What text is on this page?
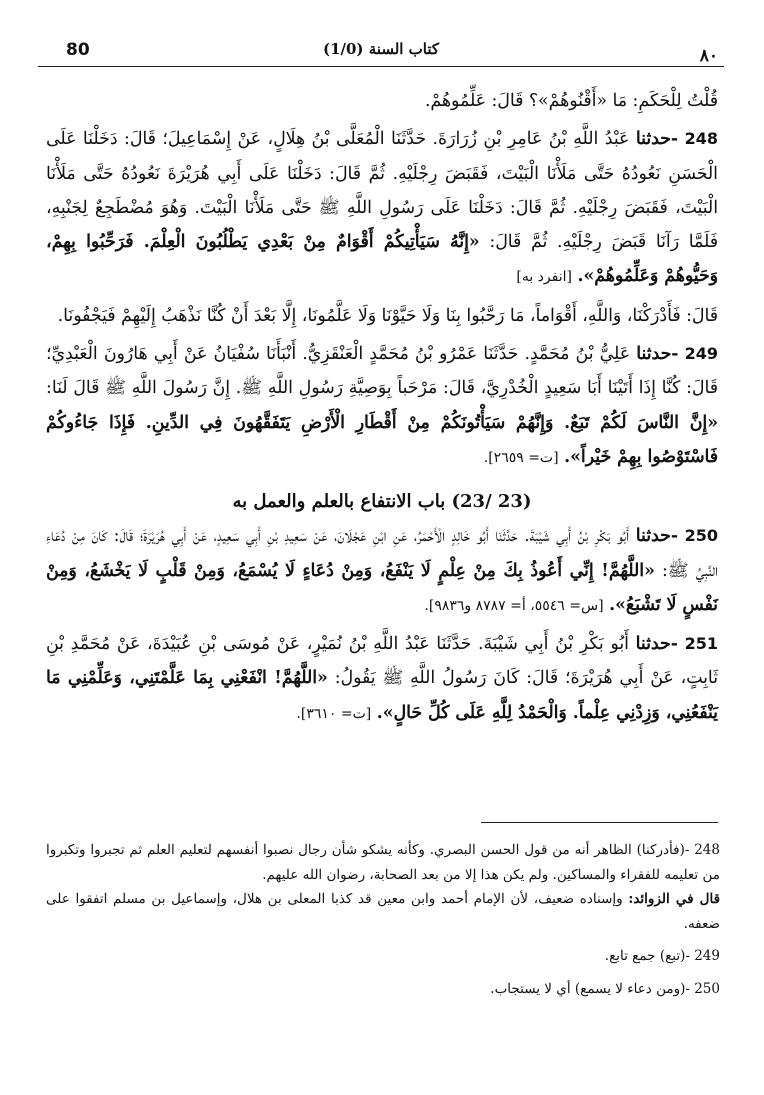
80	(1/0) كتاب السنة	٨٠

قُلْتُ لِلْحَكَمِ: مَا «أَقْنُوهُمْ»؟ قَالَ: عَلِّمُوهُمْ.

248 -حدثنا عَبْدُ اللَّهِ بْنُ عَامِرِ بْنِ زُرَارَةَ. حَدَّثَنَا الْمُعَلَّى بْنُ هِلَالٍ، عَنْ إِسْمَاعِيلَ؛ قَالَ: دَخَلْنَا عَلَى الْحَسَنِ نَعُودُهُ حَتَّى مَلَأْنَا الْبَيْتَ، فَقَبَضَ رِجْلَيْهِ. ثُمَّ قَالَ: دَخَلْنَا عَلَى أَبِي هُرَيْرَةَ نَعُودُهُ حَتَّى مَلَأْنَا الْبَيْتَ، فَقَبَضَ رِجْلَيْهِ. ثُمَّ قَالَ: دَخَلْنَا عَلَى رَسُولِ اللَّهِ ﷺ حَتَّى مَلَأْنَا الْبَيْتَ. وَهُوَ مُضْطَجِعٌ لِجَنْبِهِ، فَلَمَّا رَآنَا قَبَضَ رِجْلَيْهِ. ثُمَّ قَالَ: «إِنَّهُ سَيَأْتِيكُمْ أَقْوَامٌ مِنْ بَعْدِي يَطْلُبُونَ الْعِلْمَ. فَرَحِّبُوا بِهِمْ، وَحَيُّوهُمْ وَعَلِّمُوهُمْ». [انفرد به]

قَالَ: فَأَدْرَكْنَا، وَاللَّهِ، أَقْوَاماً، مَا رَحَّبُوا بِنَا وَلَا حَيَّوْنَا وَلَا عَلَّمُونَا، إِلَّا بَعْدَ أَنْ كُنَّا نَذْهَبُ إِلَيْهِمْ فَيَجْفُونَا.

249 -حدثنا عَلِيُّ بْنُ مُحَمَّدٍ. حَدَّثَنَا عَمْرُو بْنُ مُحَمَّدٍ الْعَنْقَزِيُّ. أَنْبَأَنَا سُفْيَانُ عَنْ أَبِي هَارُونَ الْعَبْدِيِّ؛ قَالَ: كُنَّا إِذَا أَتَيْنَا أَبَا سَعِيدٍ الْخُدْرِيَّ، قَالَ: مَرْحَباً بِوَصِيَّةِ رَسُولِ اللَّهِ ﷺ. إِنَّ رَسُولَ اللَّهِ ﷺ قَالَ لَنَا: «إِنَّ النَّاسَ لَكُمْ تَبَعٌ. وَإِنَّهُمْ سَيَأْتُونَكُمْ مِنْ أَقْطَارِ الْأَرْضِ يَتَفَقَّهُونَ فِي الدِّينِ. فَإِذَا جَاءُوكُمْ فَاسْتَوْصُوا بِهِمْ خَيْراً». [ت= ٢٦٥٩].

(23 /23) باب الانتفاع بالعلم والعمل به

250 -حدثنا أَبُو بَكْرِ بْنُ أَبِي شَيْبَةَ. حَدَّثَنَا أَبُو خَالِدٍ الْأَحْمَرُ، عَنِ ابْنِ عَجْلَانَ، عَنْ سَعِيدِ بْنِ أَبِي سَعِيدٍ، عَنْ أَبِي هُرَيْرَةَ؛ قَالَ: كَانَ مِنْ دُعَاءِ النَّبِيِّ ﷺ: «اللَّهُمَّ! إِنِّي أَعُوذُ بِكَ مِنْ عِلْمٍ لَا يَنْفَعُ، وَمِنْ دُعَاءٍ لَا يُسْمَعُ، وَمِنْ قَلْبٍ لَا يَخْشَعُ، وَمِنْ نَفْسٍ لَا تَشْبَعُ». [س= ٥٥٤٦، أ= ٨٧٨٧ و٩٨٣٦].

251 -حدثنا أَبُو بَكْرِ بْنُ أَبِي شَيْبَةَ. حَدَّثَنَا عَبْدُ اللَّهِ بْنُ نُمَيْرٍ، عَنْ مُوسَى بْنِ عُبَيْدَةَ، عَنْ مُحَمَّدِ بْنِ ثَابِتٍ، عَنْ أَبِي هُرَيْرَةَ؛ قَالَ: كَانَ رَسُولُ اللَّهِ ﷺ يَقُولُ: «اللَّهُمَّ! انْفَعْنِي بِمَا عَلَّمْتَنِي، وَعَلِّمْنِي مَا يَنْفَعُنِي، وَزِدْنِي عِلْماً. وَالْحَمْدُ لِلَّهِ عَلَى كُلِّ حَالٍ». [ت= ٣٦١٠].

248 -(فأدركنا) الظاهر أنه من قول الحسن البصري. وكأنه يشكو شأن رجال نصبوا أنفسهم لتعليم العلم ثم تجبروا وتكبروا من تعليمه للفقراء والمساكين. ولم يكن هذا إلا من بعد الصحابة، رضوان الله عليهم.

قال في الزوائد: وإسناده ضعيف، لأن الإمام أحمد وابن معين قد كذبا المعلى بن هلال، وإسماعيل بن مسلم اتفقوا على ضعفه.

249 -(تبع) جمع تابع.

250 -(ومن دعاء لا يسمع) أي لا يستجاب.
